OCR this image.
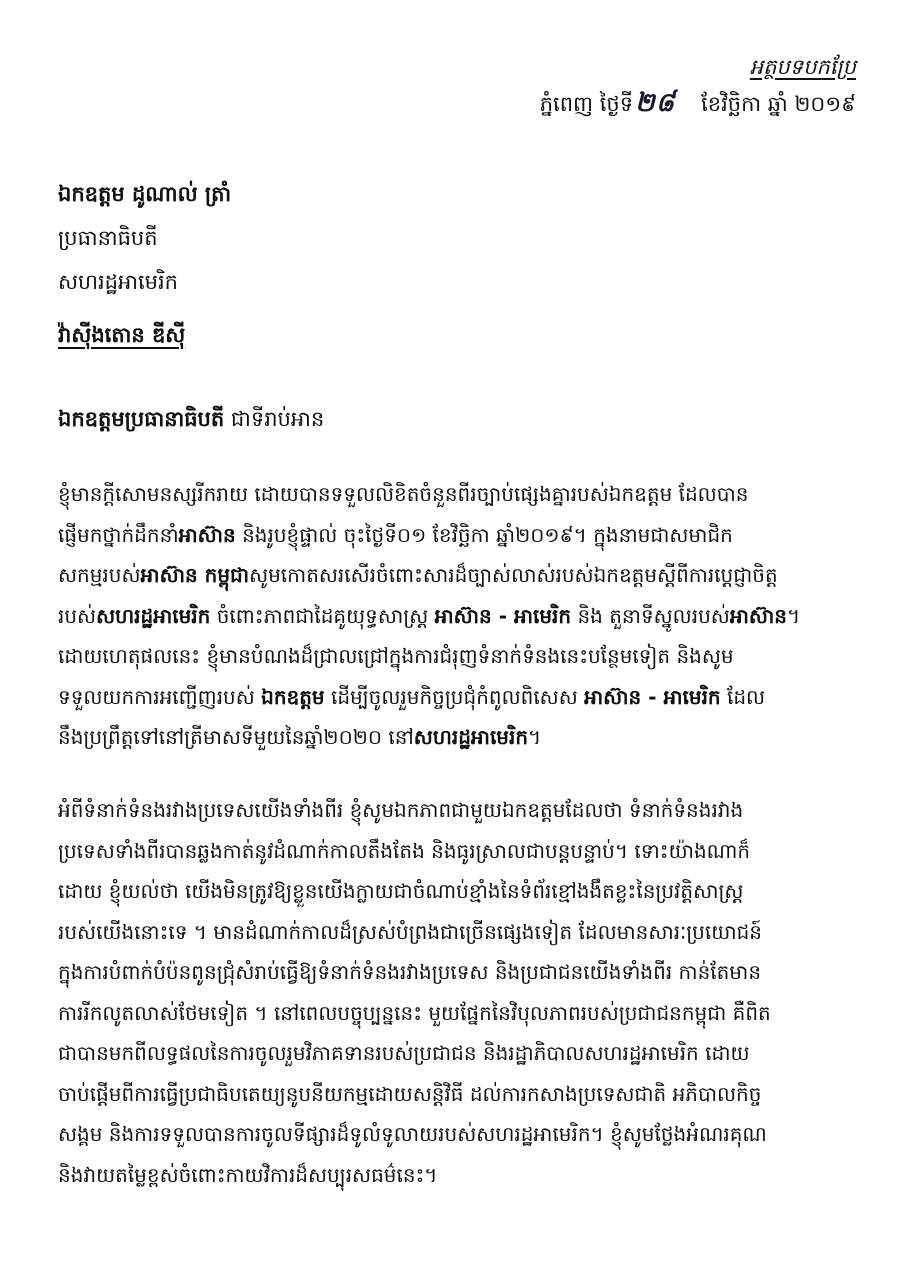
អត្ថបទបកប្រែ
ភ្នំពេញ ថ្ងៃទី២៨ ខែវិច្ឆិកា ឆ្នាំ ២០១៩
ឯកឧត្តម ដូណាល់ ត្រាំ
ប្រធានាធិបតី
សហរដ្ឋអាមេរិក
វ៉ាស៊ីងតោន ឌីស៊ី
ឯកឧត្តមប្រធានាធិបតី ជាទីរាប់អាន
ខ្ញុំមានក្ដីសោមនស្សរីករាយ ដោយបានទទួលលិខិតចំនួនពីរច្បាប់ផ្សេងគ្នារបស់ឯកឧត្តម ដែលបាន
ផ្ញើមកថ្នាក់ដឹកនាំអាស៊ាន និងរូបខ្ញុំផ្ទាល់ ចុះថ្ងៃទី០១ ខែវិច្ឆិកា ឆ្នាំ២០១៩។ ក្នុងនាមជាសមាជិក
សកម្មរបស់អាស៊ាន កម្ពុជាសូមកោតសរសើរចំពោះសារដ៏ច្បាស់លាស់របស់ឯកឧត្តមស្ដីពីការប្ដេជ្ញាចិត្ត
របស់សហរដ្ឋអាមេរិក ចំពោះភាពជាដៃគូយុទ្ធសាស្ត្រ អាស៊ាន - អាមេរិក និង តួនាទីស្នូលរបស់អាស៊ាន។
ដោយហេតុផលនេះ ខ្ញុំមានបំណងដ៏ជ្រាលជ្រៅក្នុងការជំរុញទំនាក់ទំនងនេះបន្ថែមទៀត និងសូម
ទទួលយកការអញ្ជើញរបស់ ឯកឧត្តម ដើម្បីចូលរួមកិច្ចប្រជុំកំពូលពិសេស អាស៊ាន - អាមេរិក ដែល
នឹងប្រព្រឹត្តទៅនៅត្រីមាសទីមួយនៃឆ្នាំ២០២០ នៅសហរដ្ឋអាមេរិក។
អំពីទំនាក់ទំនងរវាងប្រទេសយើងទាំងពីរ ខ្ញុំសូមឯកភាពជាមួយឯកឧត្តមដែលថា ទំនាក់ទំនងរវាង
ប្រទេសទាំងពីរបានឆ្លងកាត់នូវដំណាក់កាលតឹងតែង និងធូរស្រាលជាបន្តបន្ទាប់។ ទោះយ៉ាងណាក៏
ដោយ ខ្ញុំយល់ថា យើងមិនត្រូវឱ្យខ្លួនយើងក្លាយជាចំណាប់ខ្មាំងនៃទំព័រខ្មៅងងឹតខ្លះនៃប្រវត្តិសាស្ត្រ
របស់យើងនោះទេ ។ មានដំណាក់កាលដ៏ស្រស់បំព្រងជាច្រើនផ្សេងទៀត ដែលមានសារៈប្រយោជន៍
ក្នុងការបំពាក់បំប៉នពូនជ្រុំសំរាប់ធ្វើឱ្យទំនាក់ទំនងរវាងប្រទេស និងប្រជាជនយើងទាំងពីរ កាន់តែមាន
ការរីកលូតលាស់ថែមទៀត ។ នៅពេលបច្ចុប្បន្ននេះ មួយផ្នែកនៃវិបុលភាពរបស់ប្រជាជនកម្ពុជា គឺពិត
ជាបានមកពីលទ្ធផលនៃការចូលរួមវិភាគទានរបស់ប្រជាជន និងរដ្ឋាភិបាលសហរដ្ឋអាមេរិក ដោយ
ចាប់ផ្ដើមពីការធ្វើប្រជាធិបតេយ្យនូបនីយកម្មដោយសន្តិវិធី ដល់ការកសាងប្រទេសជាតិ អភិបាលកិច្ច
សង្គម និងការទទួលបានការចូលទីផ្សារដ៏ទូលំទូលាយរបស់សហរដ្ឋអាមេរិក។ ខ្ញុំសូមថ្លែងអំណរគុណ
និងវាយតម្លៃខ្ពស់ចំពោះកាយវិការដ៏សប្បុរសធម៌នេះ។
